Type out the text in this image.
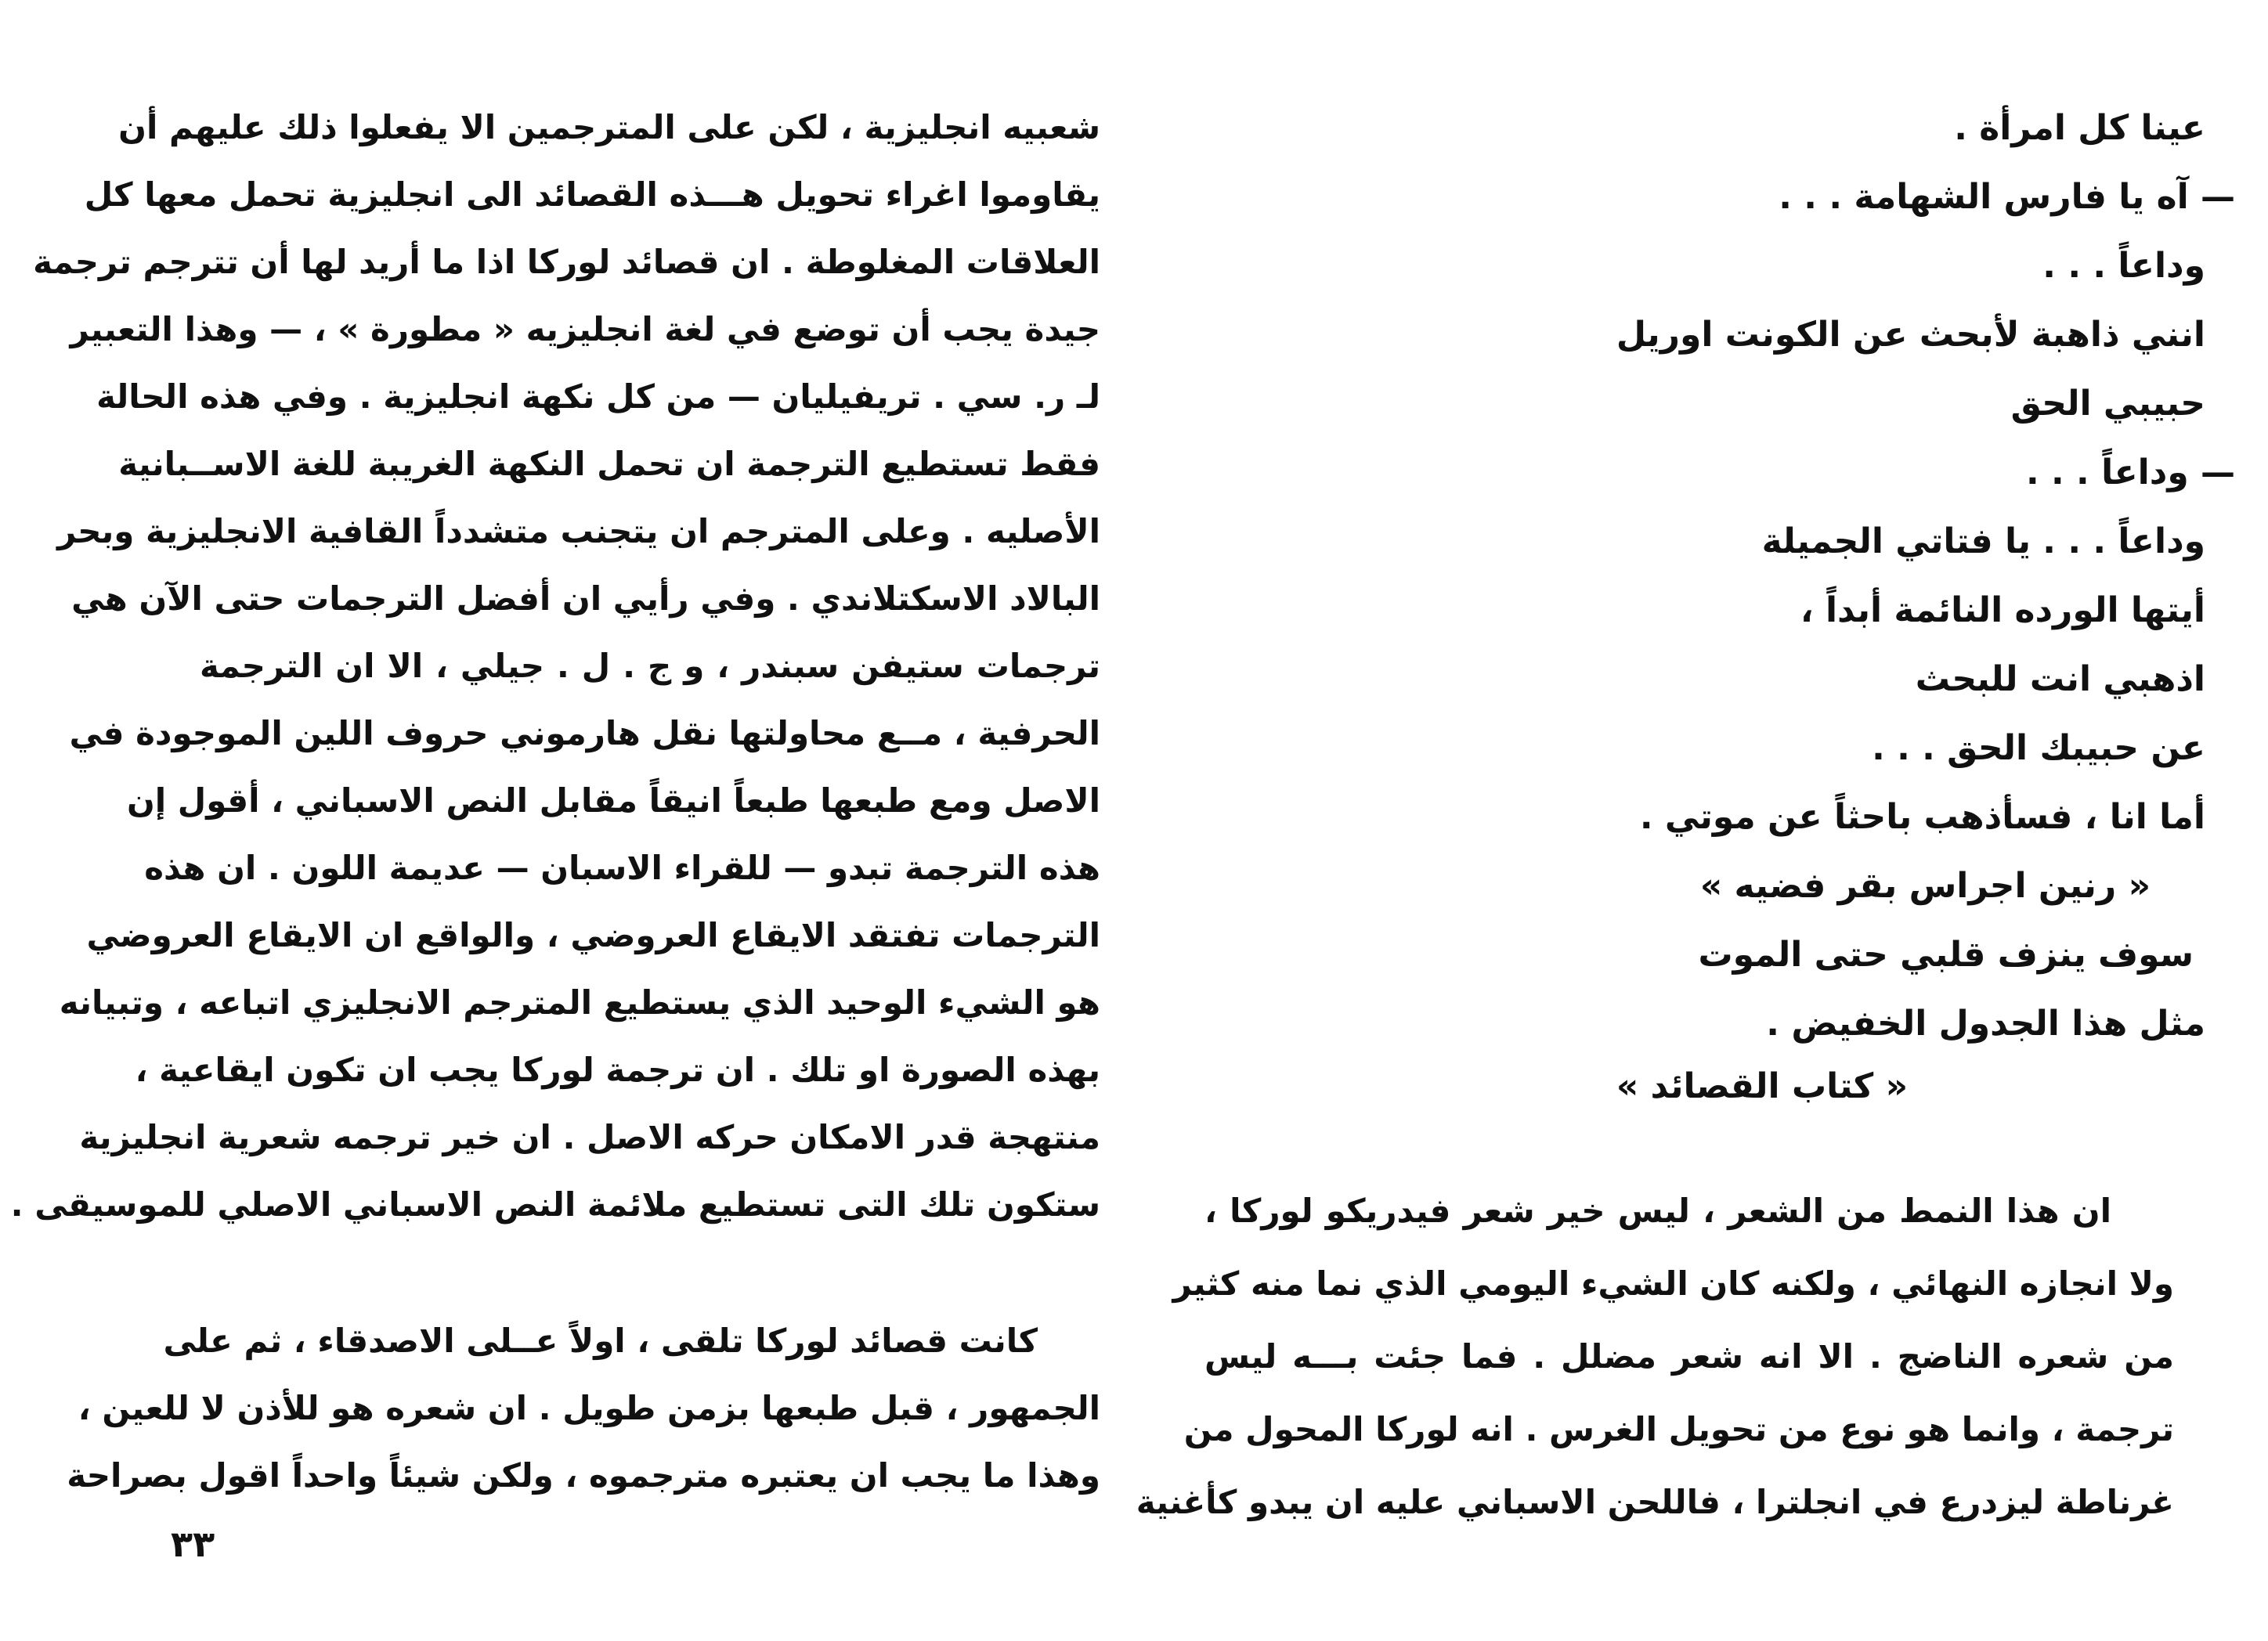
شعبيه انجليزية ، لكن على المترجمين الا يفعلوا ذلك عليهم أن
يقاوموا اغراء تحويل هـــذه القصائد الى انجليزية تحمل معها كل
العلاقات المغلوطة . ان قصائد لوركا اذا ما أريد لها أن تترجم ترجمة
جيدة يجب أن توضع في لغة انجليزيه « مطورة » ، — وهذا التعبير
لـ ر. سي . تريفيليان — من كل نكهة انجليزية . وفي هذه الحالة
فقط تستطيع الترجمة ان تحمل النكهة الغريبة للغة الاســبانية
الأصليه . وعلى المترجم ان يتجنب متشدداً القافية الانجليزية وبحر
البالاد الاسكتلاندي . وفي رأيي ان أفضل الترجمات حتى الآن هي
ترجمات ستيفن سبندر ، و ج . ل . جيلي ، الا ان الترجمة
الحرفية ، مــع محاولتها نقل هارموني حروف اللين الموجودة في
الاصل ومع طبعها طبعاً انيقاً مقابل النص الاسباني ، أقول إن
هذه الترجمة تبدو — للقراء الاسبان — عديمة اللون . ان هذه
الترجمات تفتقد الايقاع العروضي ، والواقع ان الايقاع العروضي
هو الشيء الوحيد الذي يستطيع المترجم الانجليزي اتباعه ، وتبيانه
بهذه الصورة او تلك . ان ترجمة لوركا يجب ان تكون ايقاعية ،
منتهجة قدر الامكان حركه الاصل . ان خير ترجمه شعرية انجليزية
ستكون تلك التى تستطيع ملائمة النص الاسباني الاصلي للموسيقى .
كانت قصائد لوركا تلقى ، اولاً عــلى الاصدقاء ، ثم على
الجمهور ، قبل طبعها بزمن طويل . ان شعره هو للأذن لا للعين ،
وهذا ما يجب ان يعتبره مترجموه ، ولكن شيئاً واحداً اقول بصراحة
٣٣
عينا كل امرأة .
— آه يا فارس الشهامة . . .
وداعاً . . .
انني ذاهبة لأبحث عن الكونت اوريل
حبيبي الحق
— وداعاً . . .
وداعاً . . . يا فتاتي الجميلة
أيتها الورده النائمة أبداً ،
اذهبي انت للبحث
عن حبيبك الحق . . .
أما انا ، فسأذهب باحثاً عن موتي .
« رنين اجراس بقر فضيه »
سوف ينزف قلبي حتى الموت
مثل هذا الجدول الخفيض .
« كتاب القصائد »
ان هذا النمط من الشعر ، ليس خير شعر فيدريكو لوركا ،
ولا انجازه النهائي ، ولكنه كان الشيء اليومي الذي نما منه كثير
من شعره الناضج . الا انه شعر مضلل . فما جئت بـــه ليس
ترجمة ، وانما هو نوع من تحويل الغرس . انه لوركا المحول من
غرناطة ليزدرع في انجلترا ، فاللحن الاسباني عليه ان يبدو كأغنية
